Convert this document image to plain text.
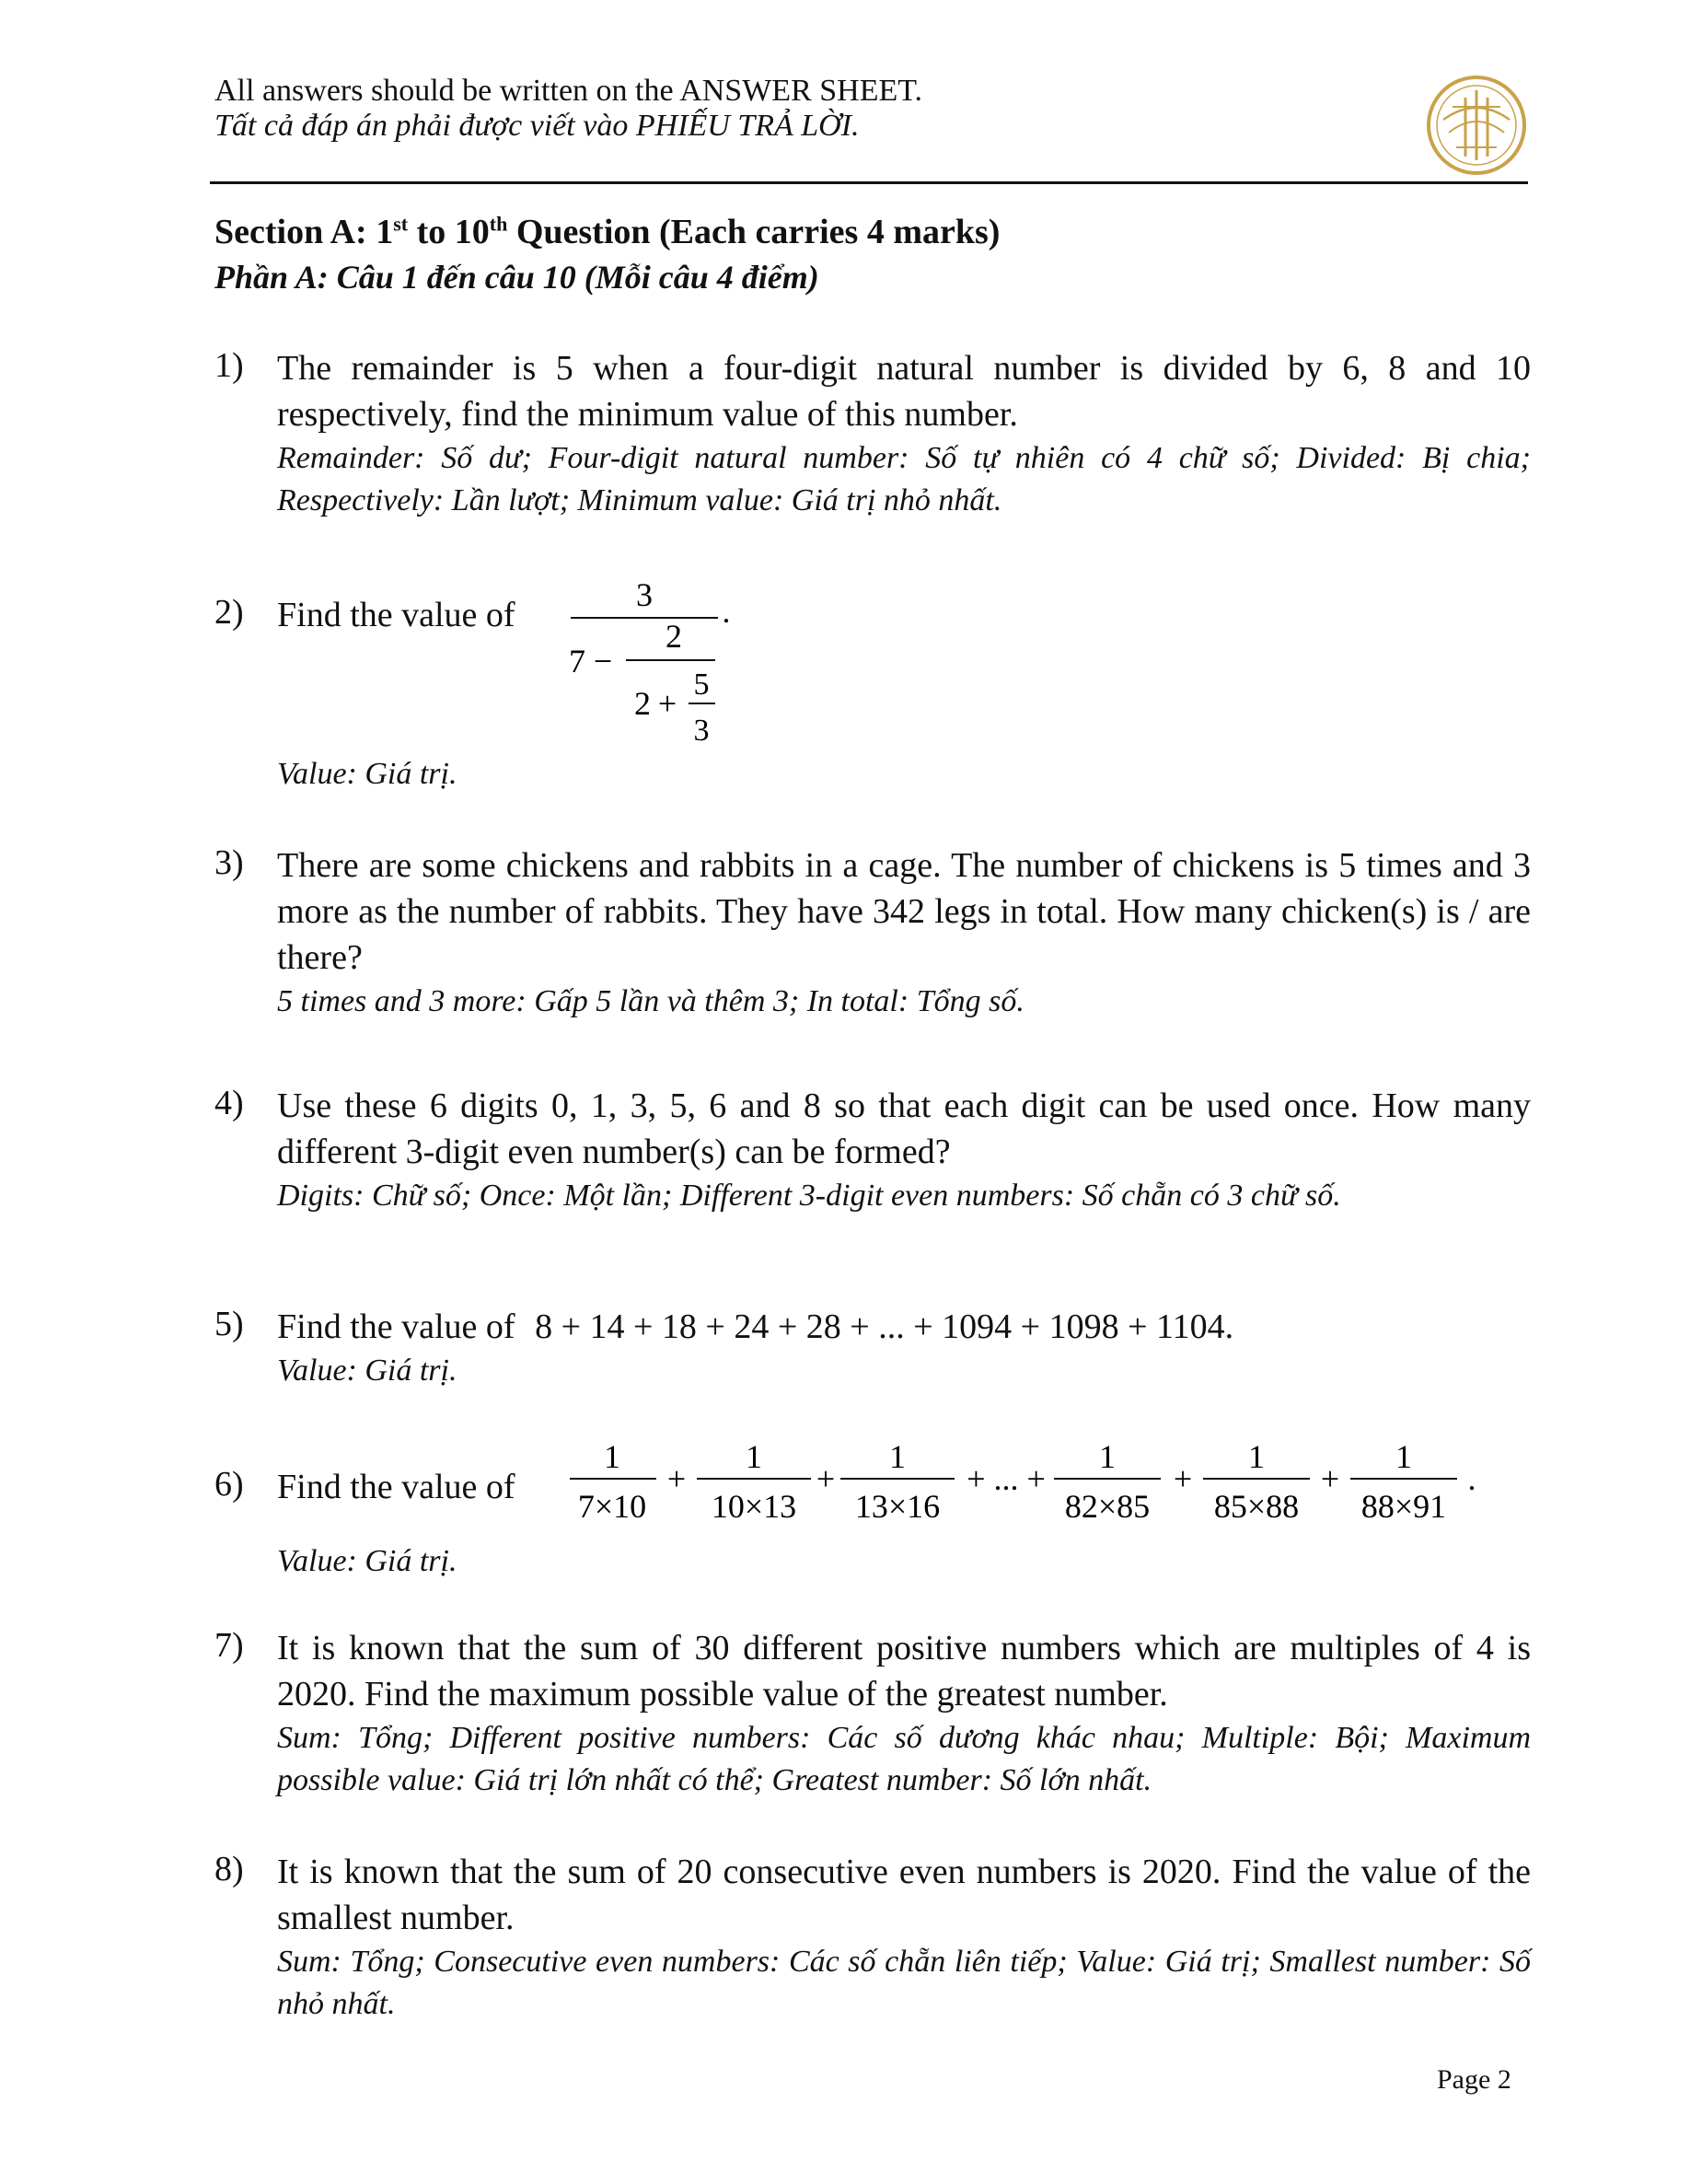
All answers should be written on the ANSWER SHEET.
Tất cả đáp án phải được viết vào PHIẾU TRẢ LỜI.
Section A: 1st to 10th Question (Each carries 4 marks)
Phần A: Câu 1 đến câu 10 (Mỗi câu 4 điểm)
1) The remainder is 5 when a four-digit natural number is divided by 6, 8 and 10 respectively, find the minimum value of this number.
Remainder: Số dư; Four-digit natural number: Số tự nhiên có 4 chữ số; Divided: Bị chia; Respectively: Lần lượt; Minimum value: Giá trị nhỏ nhất.
2) Find the value of
3
7 −
2
2 +
5
3
.
Value: Giá trị.
3) There are some chickens and rabbits in a cage. The number of chickens is 5 times and 3 more as the number of rabbits. They have 342 legs in total. How many chicken(s) is / are there?
5 times and 3 more: Gấp 5 lần và thêm 3; In total: Tổng số.
4) Use these 6 digits 0, 1, 3, 5, 6 and 8 so that each digit can be used once. How many different 3-digit even number(s) can be formed?
Digits: Chữ số; Once: Một lần; Different 3-digit even numbers: Số chẵn có 3 chữ số.
5) Find the value of 8 + 14 + 18 + 24 + 28 + ... + 1094 + 1098 + 1104.
Value: Giá trị.
6) Find the value of
1
7×10
+
1
10×13
+
1
13×16
+ ... +
1
82×85
+
1
85×88
+
1
88×91
.
Value: Giá trị.
7) It is known that the sum of 30 different positive numbers which are multiples of 4 is 2020. Find the maximum possible value of the greatest number.
Sum: Tổng; Different positive numbers: Các số dương khác nhau; Multiple: Bội; Maximum possible value: Giá trị lớn nhất có thể; Greatest number: Số lớn nhất.
8) It is known that the sum of 20 consecutive even numbers is 2020. Find the value of the smallest number.
Sum: Tổng; Consecutive even numbers: Các số chẵn liên tiếp; Value: Giá trị; Smallest number: Số nhỏ nhất.
Page 2
